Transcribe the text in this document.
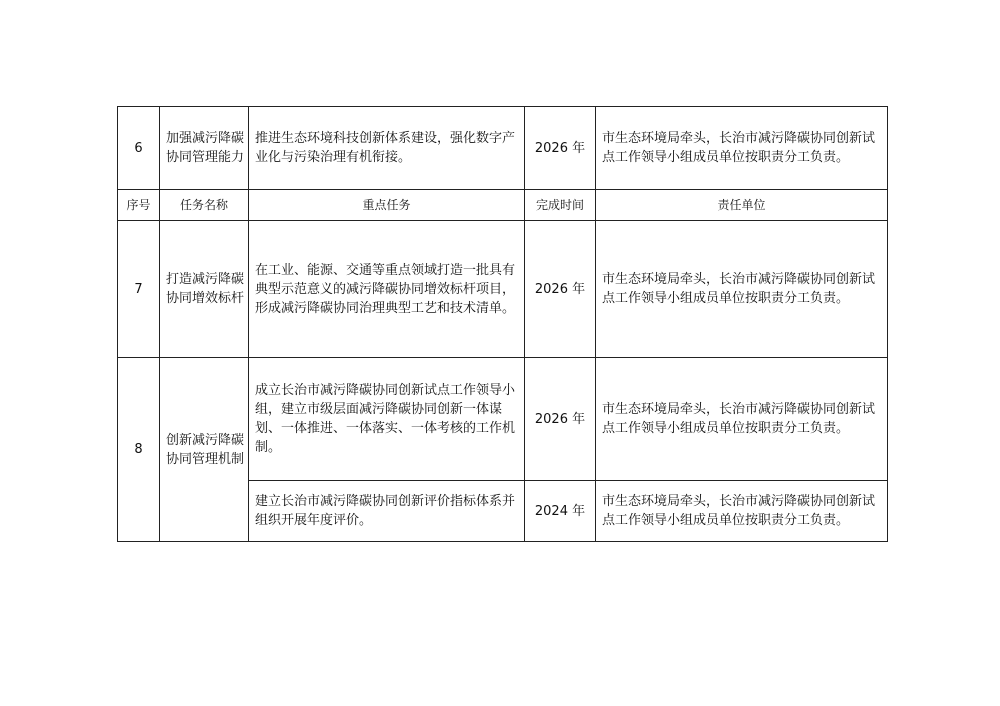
6	加强减污降碳协同管理能力	推进生态环境科技创新体系建设，强化数字产业化与污染治理有机衔接。	2026 年	市生态环境局牵头，长治市减污降碳协同创新试点工作领导小组成员单位按职责分工负责。
序号	任务名称	重点任务	完成时间	责任单位
7	打造减污降碳协同增效标杆	在工业、能源、交通等重点领域打造一批具有典型示范意义的减污降碳协同增效标杆项目，形成减污降碳协同治理典型工艺和技术清单。	2026 年	市生态环境局牵头，长治市减污降碳协同创新试点工作领导小组成员单位按职责分工负责。
8	创新减污降碳协同管理机制	成立长治市减污降碳协同创新试点工作领导小组，建立市级层面减污降碳协同创新一体谋划、一体推进、一体落实、一体考核的工作机制。	2026 年	市生态环境局牵头，长治市减污降碳协同创新试点工作领导小组成员单位按职责分工负责。
		建立长治市减污降碳协同创新评价指标体系并组织开展年度评价。	2024 年	市生态环境局牵头，长治市减污降碳协同创新试点工作领导小组成员单位按职责分工负责。
